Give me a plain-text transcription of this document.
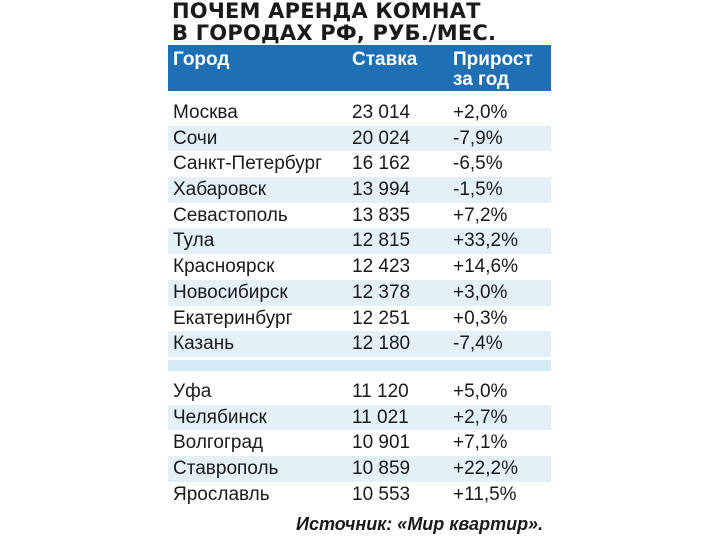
ПОЧЕМ АРЕНДА КОМНАТ
В ГОРОДАХ РФ, РУБ./МЕС.
Город	Ставка Прирост
за год
Москва	23 014 +2,0%
Сочи	20 024 -7,9%
Санкт-Петербург 16 162 -6,5%
Хабаровск	13 994 -1,5%
Севастополь	13 835 +7,2%
Тула	12 815 +33,2%
Красноярск	12 423 +14,6%
Новосибирск	12 378 +3,0%
Екатеринбург	12 251 +0,3%
Казань	12 180 -7,4%
Уфа	11 120 +5,0%
Челябинск	11 021 +2,7%
Волгоград	10 901 +7,1%
Ставрополь	10 859 +22,2%
Ярославль	10 553 +11,5%
Источник: «Мир квартир».
